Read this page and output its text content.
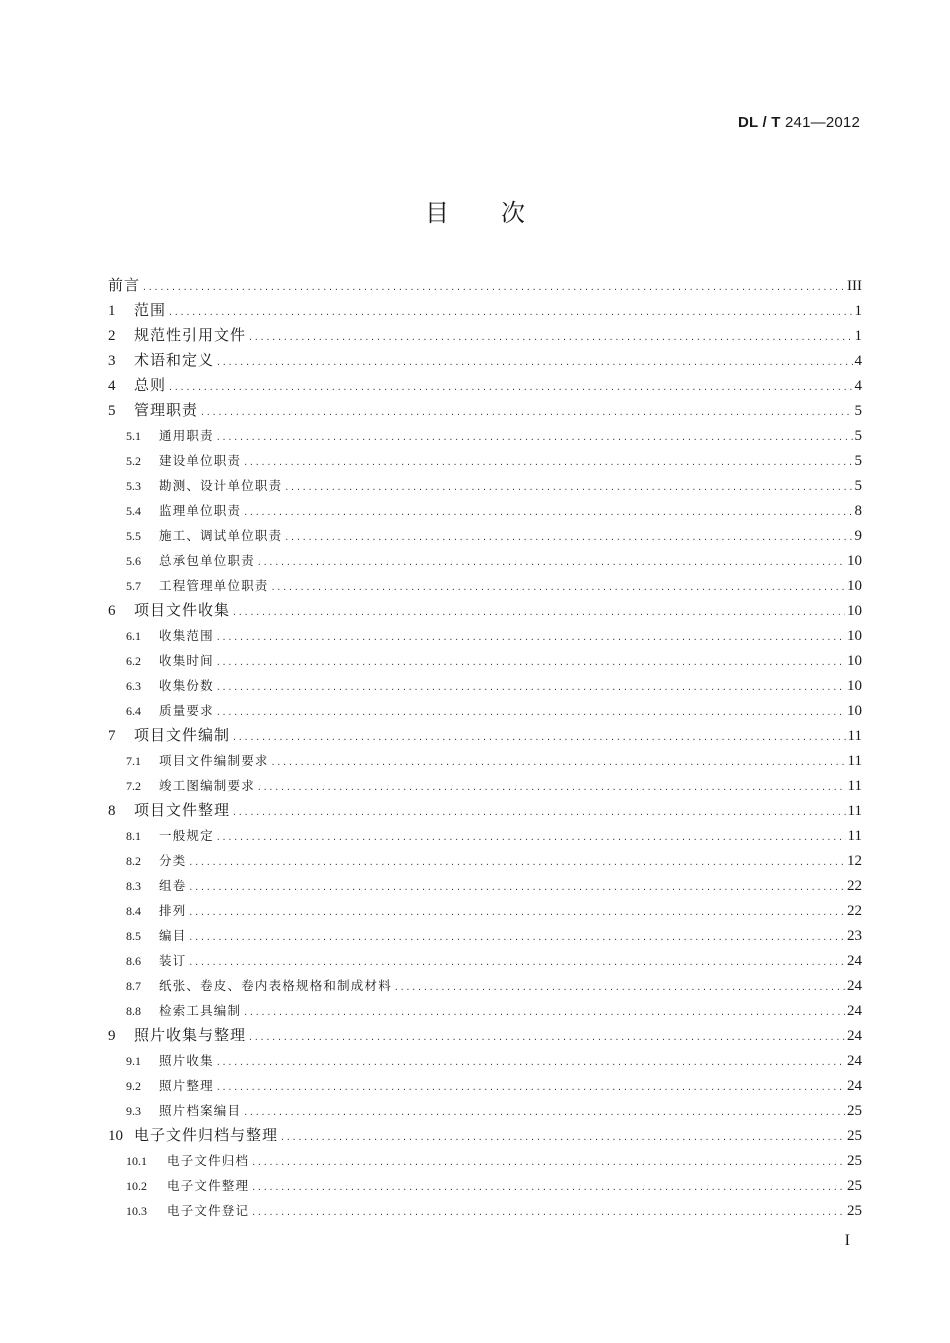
DL / T 241—2012
目 次
前言 .....	III
1	范围 .....	1
2	规范性引用文件 .....	1
3	术语和定义 .....	4
4	总则 .....	4
5	管理职责 .....	5
5.1	通用职责 .....	5
5.2	建设单位职责 .....	5
5.3	勘测、设计单位职责 .....	5
5.4	监理单位职责 .....	8
5.5	施工、调试单位职责 .....	9
5.6	总承包单位职责 .....	10
5.7	工程管理单位职责 .....	10
6	项目文件收集 .....	10
6.1	收集范围 .....	10
6.2	收集时间 .....	10
6.3	收集份数 .....	10
6.4	质量要求 .....	10
7	项目文件编制 .....	11
7.1	项目文件编制要求 .....	11
7.2	竣工图编制要求 .....	11
8	项目文件整理 .....	11
8.1	一般规定 .....	11
8.2	分类 .....	12
8.3	组卷 .....	22
8.4	排列 .....	22
8.5	编目 .....	23
8.6	装订 .....	24
8.7	纸张、卷皮、卷内表格规格和制成材料 .....	24
8.8	检索工具编制 .....	24
9	照片收集与整理 .....	24
9.1	照片收集 .....	24
9.2	照片整理 .....	24
9.3	照片档案编目 .....	25
10 电子文件归档与整理 .....	25
10.1	电子文件归档 .....	25
10.2	电子文件整理 .....	25
10.3	电子文件登记 .....	25
I
